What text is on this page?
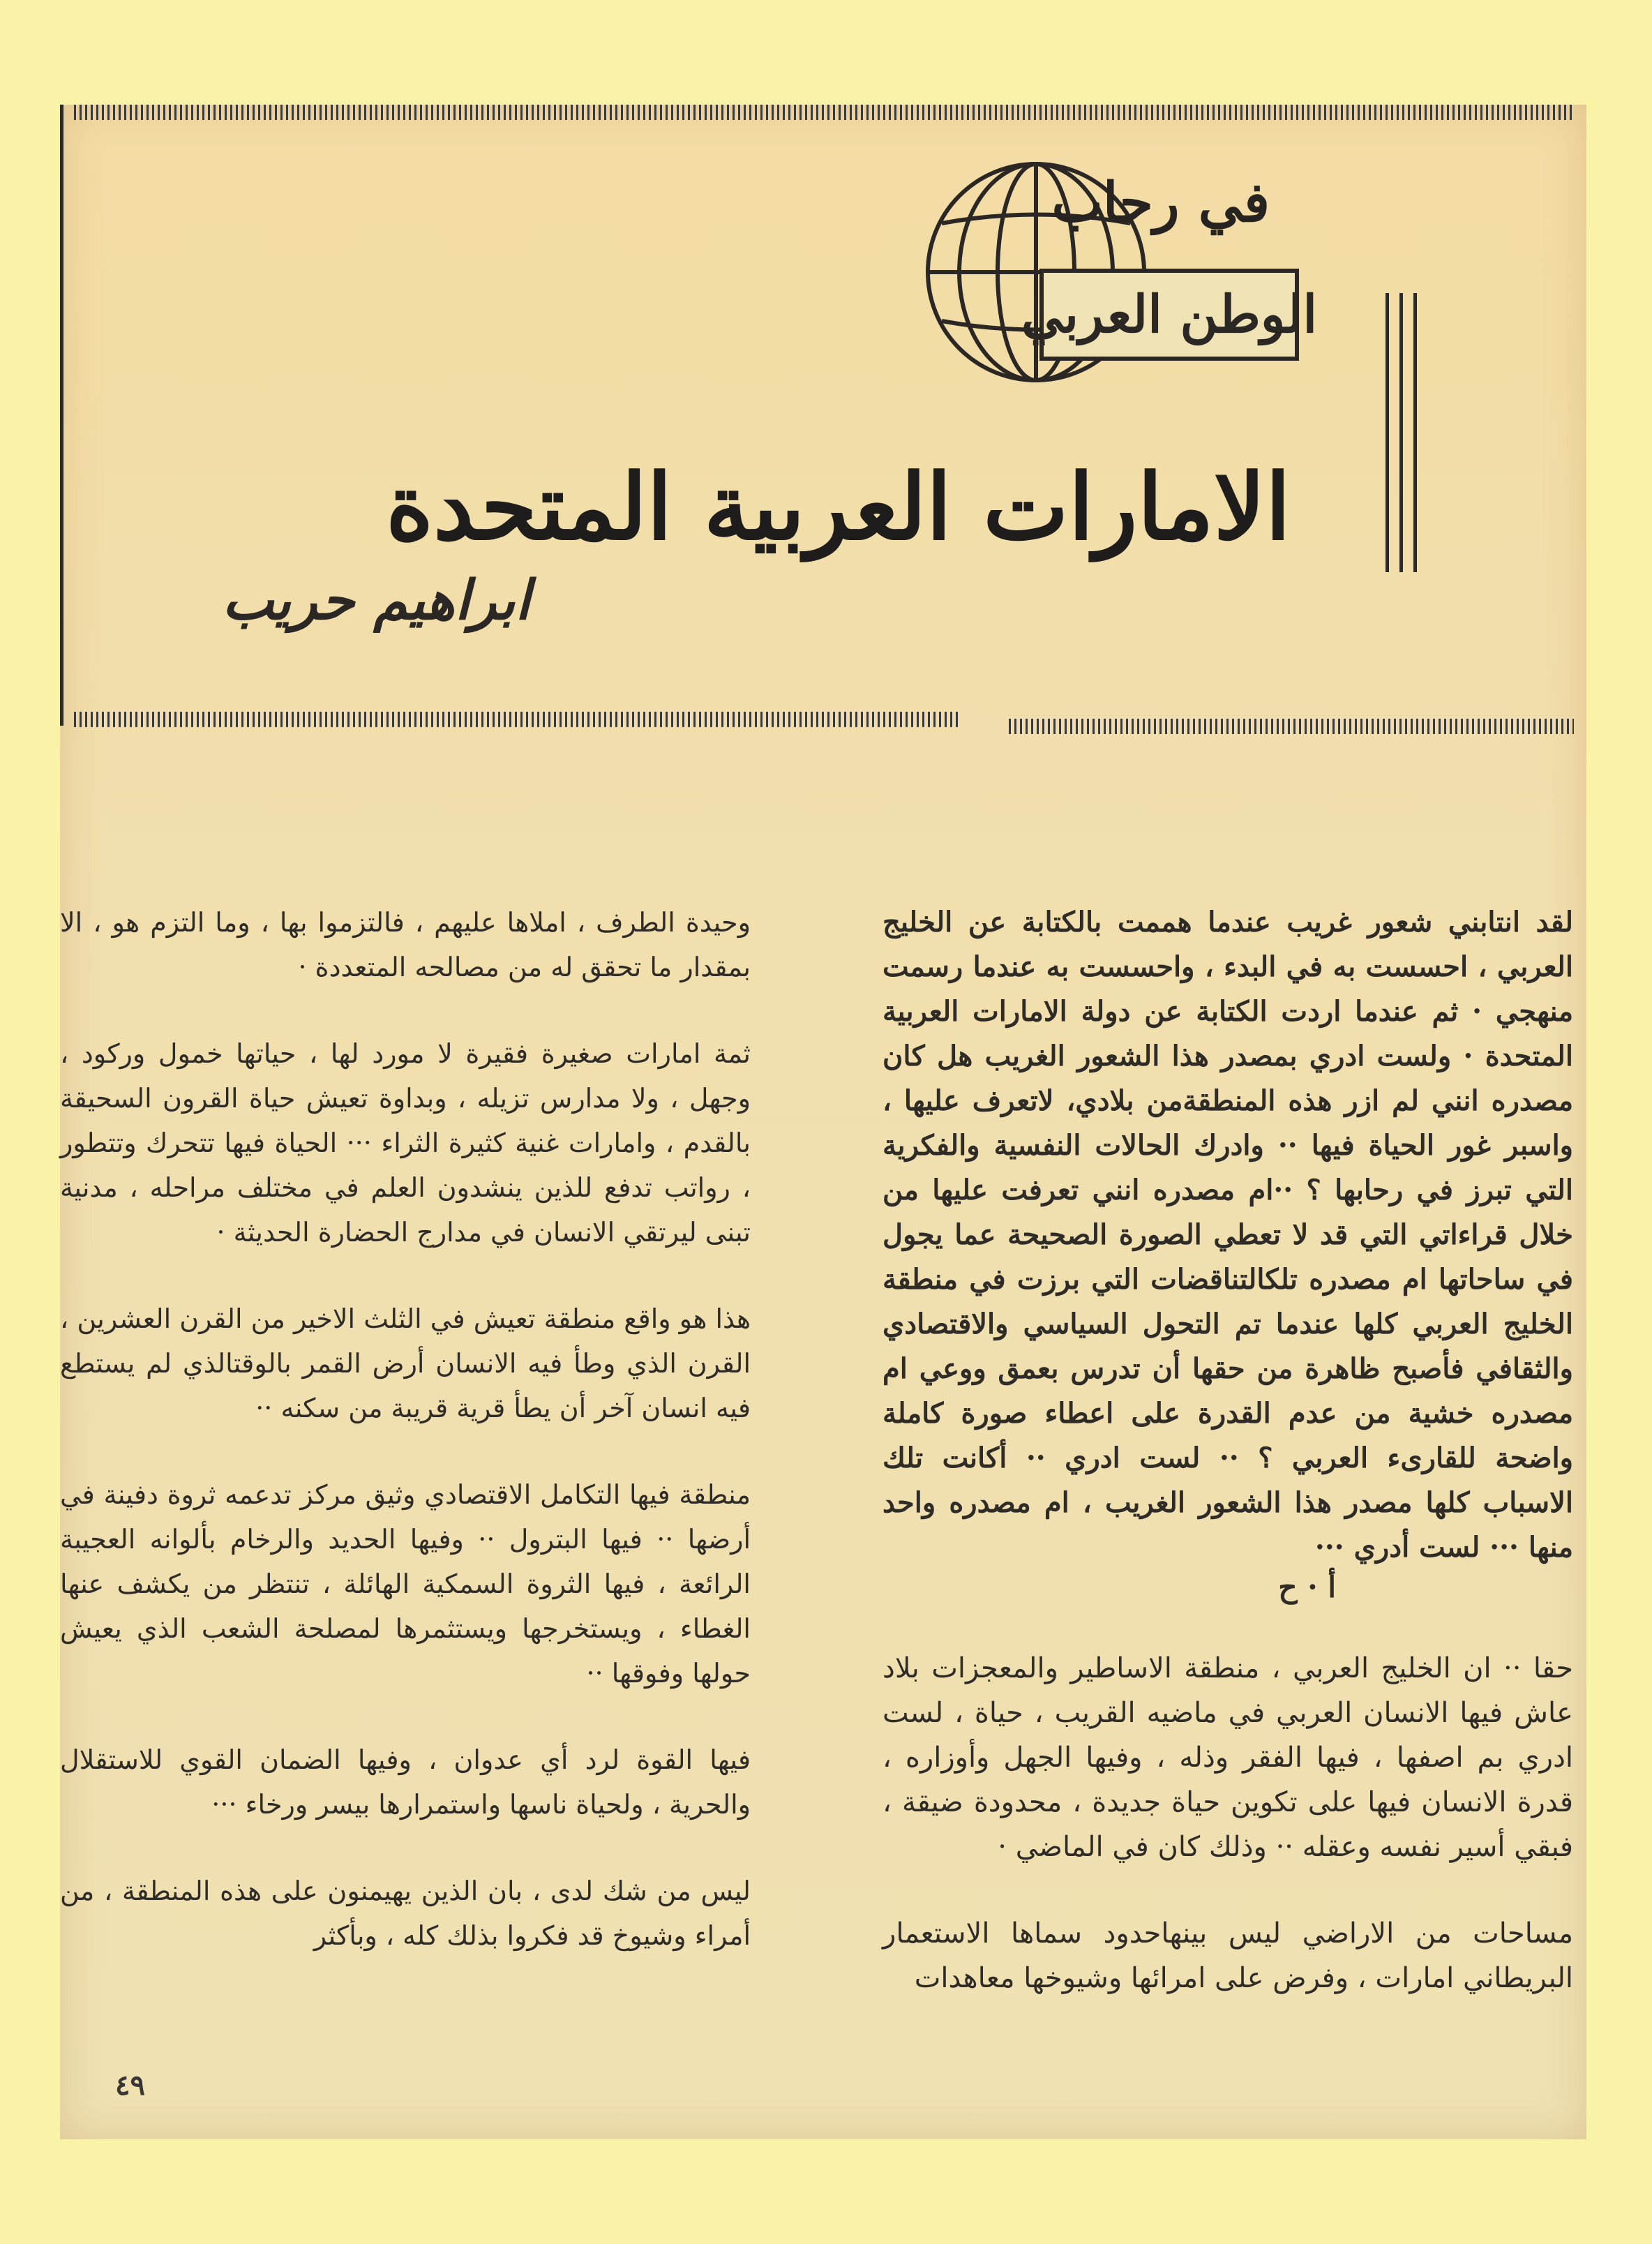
في رحاب
الوطن العربي
الامارات العربية المتحدة
ابراهيم حريب

لقد انتابني شعور غريب عندما هممت بالكتابة عن الخليج العربي ، احسست به في البدء ، واحسست به عندما رسمت منهجي · ثم عندما اردت الكتابة عن دولة الامارات العربية المتحدة · ولست ادري بمصدر هذا الشعور الغريب هل كان مصدره انني لم ازر هذه المنطقةمن بلادي، لاتعرف عليها ، واسبر غور الحياة فيها ·· وادرك الحالات النفسية والفكرية التي تبرز في رحابها ؟ ··ام مصدره انني تعرفت عليها من خلال قراءاتي التي قد لا تعطي الصورة الصحيحة عما يجول في ساحاتها ام مصدره تلكالتناقضات التي برزت في منطقة الخليج العربي كلها عندما تم التحول السياسي والاقتصادي والثقافي فأصبح ظاهرة من حقها أن تدرس بعمق ووعي ام مصدره خشية من عدم القدرة على اعطاء صورة كاملة واضحة للقارىء العربي ؟ ·· لست ادري ·· أكانت تلك الاسباب كلها مصدر هذا الشعور الغريب ، ام مصدره واحد منها ··· لست أدري ···

أ · ح

حقا ·· ان الخليج العربي ، منطقة الاساطير والمعجزات بلاد عاش فيها الانسان العربي في ماضيه القريب ، حياة ، لست ادري بم اصفها ، فيها الفقر وذله ، وفيها الجهل وأوزاره ، قدرة الانسان فيها على تكوين حياة جديدة ، محدودة ضيقة ، فبقي أسير نفسه وعقله ·· وذلك كان في الماضي ·

مساحات من الاراضي ليس بينهاحدود سماها الاستعمار البريطاني امارات ، وفرض على امرائها وشيوخها معاهدات

وحيدة الطرف ، املاها عليهم ، فالتزموا بها ، وما التزم هو ، الا بمقدار ما تحقق له من مصالحه المتعددة ·

ثمة امارات صغيرة فقيرة لا مورد لها ، حياتها خمول وركود ، وجهل ، ولا مدارس تزيله ، وبداوة تعيش حياة القرون السحيقة بالقدم ، وامارات غنية كثيرة الثراء ··· الحياة فيها تتحرك وتتطور ، رواتب تدفع للذين ينشدون العلم في مختلف مراحله ، مدنية تبنى ليرتقي الانسان في مدارج الحضارة الحديثة ·

هذا هو واقع منطقة تعيش في الثلث الاخير من القرن العشرين ، القرن الذي وطأ فيه الانسان أرض القمر بالوقتالذي لم يستطع فيه انسان آخر أن يطأ قرية قريبة من سكنه ··

منطقة فيها التكامل الاقتصادي وثيق مركز تدعمه ثروة دفينة في أرضها ·· فيها البترول ·· وفيها الحديد والرخام بألوانه العجيبة الرائعة ، فيها الثروة السمكية الهائلة ، تنتظر من يكشف عنها الغطاء ، ويستخرجها ويستثمرها لمصلحة الشعب الذي يعيش حولها وفوقها ··

فيها القوة لرد أي عدوان ، وفيها الضمان القوي للاستقلال والحرية ، ولحياة ناسها واستمرارها بيسر ورخاء ···

ليس من شك لدى ، بان الذين يهيمنون على هذه المنطقة ، من أمراء وشيوخ قد فكروا بذلك كله ، وبأكثر

٤٩
